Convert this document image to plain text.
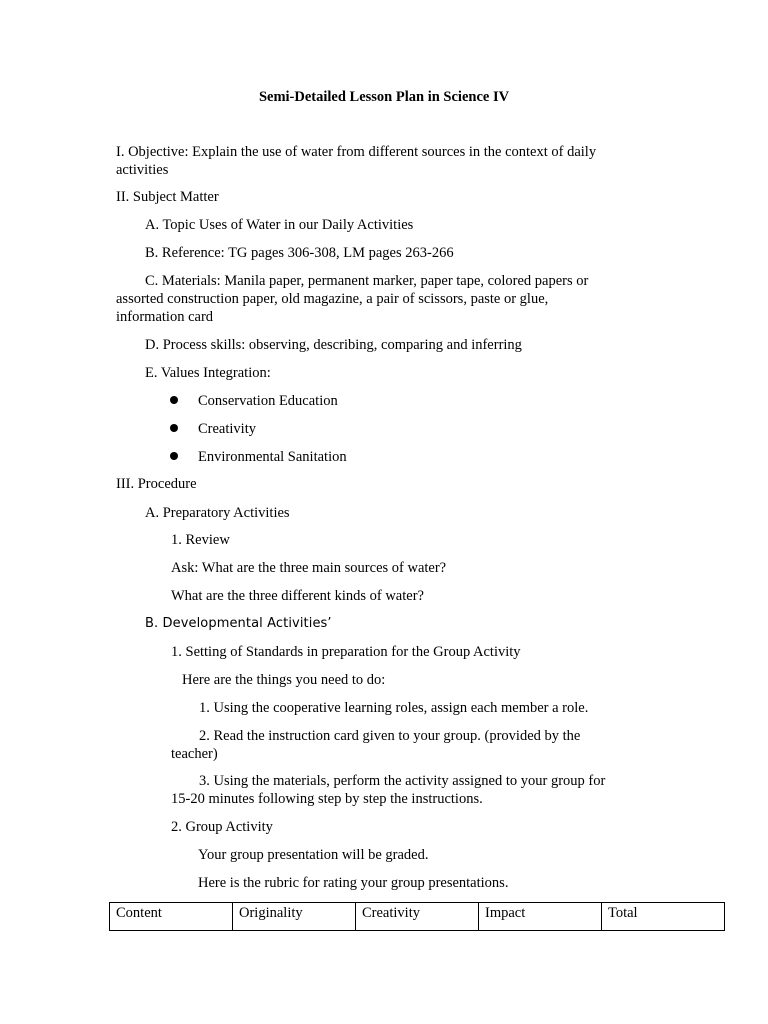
Semi-Detailed Lesson Plan in Science IV
I. Objective: Explain the use of water from different sources in the context of daily
activities
II. Subject Matter
A. Topic Uses of Water in our Daily Activities
B. Reference: TG pages 306-308, LM pages 263-266
C. Materials: Manila paper, permanent marker, paper tape, colored papers or
assorted construction paper, old magazine, a pair of scissors, paste or glue,
information card
D. Process skills: observing, describing, comparing and inferring
E. Values Integration:
Conservation Education
Creativity
Environmental Sanitation
III. Procedure
A. Preparatory Activities
1. Review
Ask: What are the three main sources of water?
What are the three different kinds of water?
B. Developmental Activities’
1. Setting of Standards in preparation for the Group Activity
Here are the things you need to do:
1. Using the cooperative learning roles, assign each member a role.
2. Read the instruction card given to your group. (provided by the
teacher)
3. Using the materials, perform the activity assigned to your group for
15-20 minutes following step by step the instructions.
2. Group Activity
Your group presentation will be graded.
Here is the rubric for rating your group presentations.
Content	Originality	Creativity	Impact	Total
